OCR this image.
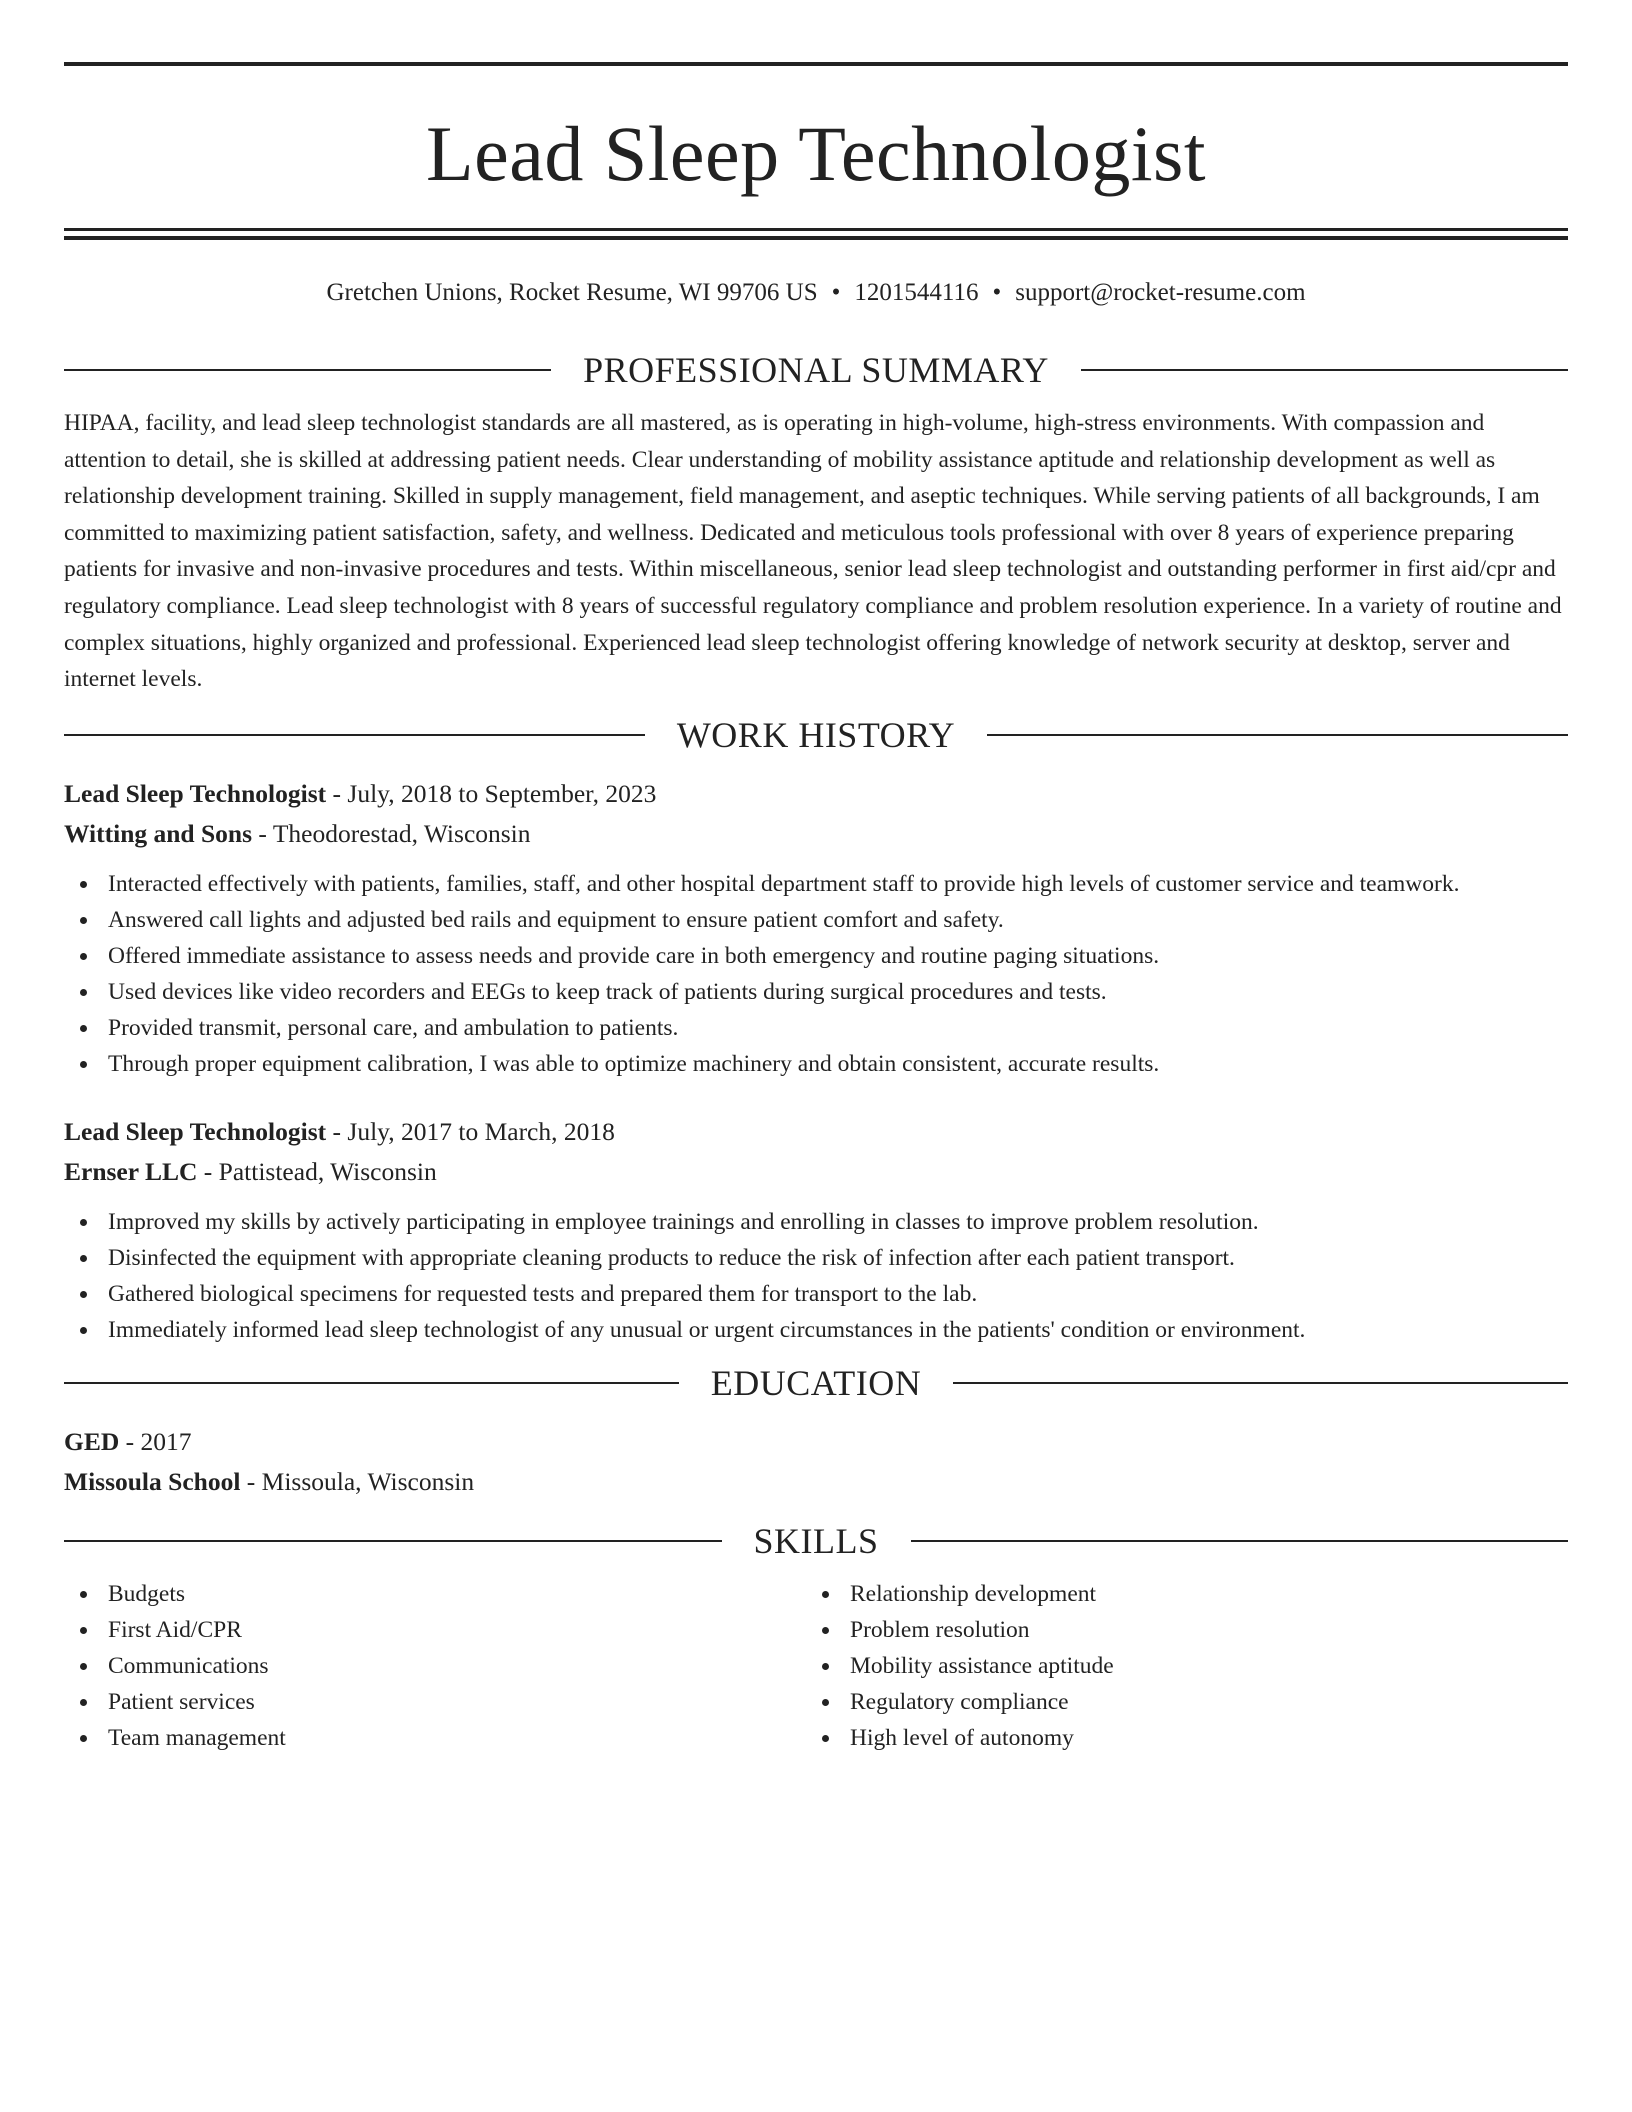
Lead Sleep Technologist
Gretchen Unions, Rocket Resume, WI 99706 US • 1201544116 • support@rocket-resume.com
PROFESSIONAL SUMMARY

HIPAA, facility, and lead sleep technologist standards are all mastered, as is operating in high-volume, high-stress environments. With compassion and attention to detail, she is skilled at addressing patient needs. Clear understanding of mobility assistance aptitude and relationship development as well as relationship development training. Skilled in supply management, field management, and aseptic techniques. While serving patients of all backgrounds, I am committed to maximizing patient satisfaction, safety, and wellness. Dedicated and meticulous tools professional with over 8 years of experience preparing patients for invasive and non-invasive procedures and tests. Within miscellaneous, senior lead sleep technologist and outstanding performer in first aid/cpr and regulatory compliance. Lead sleep technologist with 8 years of successful regulatory compliance and problem resolution experience. In a variety of routine and complex situations, highly organized and professional. Experienced lead sleep technologist offering knowledge of network security at desktop, server and internet levels.

WORK HISTORY
Lead Sleep Technologist - July, 2018 to September, 2023
Witting and Sons - Theodorestad, Wisconsin
Interacted effectively with patients, families, staff, and other hospital department staff to provide high levels of customer service and teamwork.
Answered call lights and adjusted bed rails and equipment to ensure patient comfort and safety.
Offered immediate assistance to assess needs and provide care in both emergency and routine paging situations.
Used devices like video recorders and EEGs to keep track of patients during surgical procedures and tests.
Provided transmit, personal care, and ambulation to patients.
Through proper equipment calibration, I was able to optimize machinery and obtain consistent, accurate results.
Lead Sleep Technologist - July, 2017 to March, 2018
Ernser LLC - Pattistead, Wisconsin
Improved my skills by actively participating in employee trainings and enrolling in classes to improve problem resolution.
Disinfected the equipment with appropriate cleaning products to reduce the risk of infection after each patient transport.
Gathered biological specimens for requested tests and prepared them for transport to the lab.
Immediately informed lead sleep technologist of any unusual or urgent circumstances in the patients' condition or environment.
EDUCATION
GED - 2017
Missoula School - Missoula, Wisconsin
SKILLS
Budgets
First Aid/CPR
Communications
Patient services
Team management
Relationship development
Problem resolution
Mobility assistance aptitude
Regulatory compliance
High level of autonomy
